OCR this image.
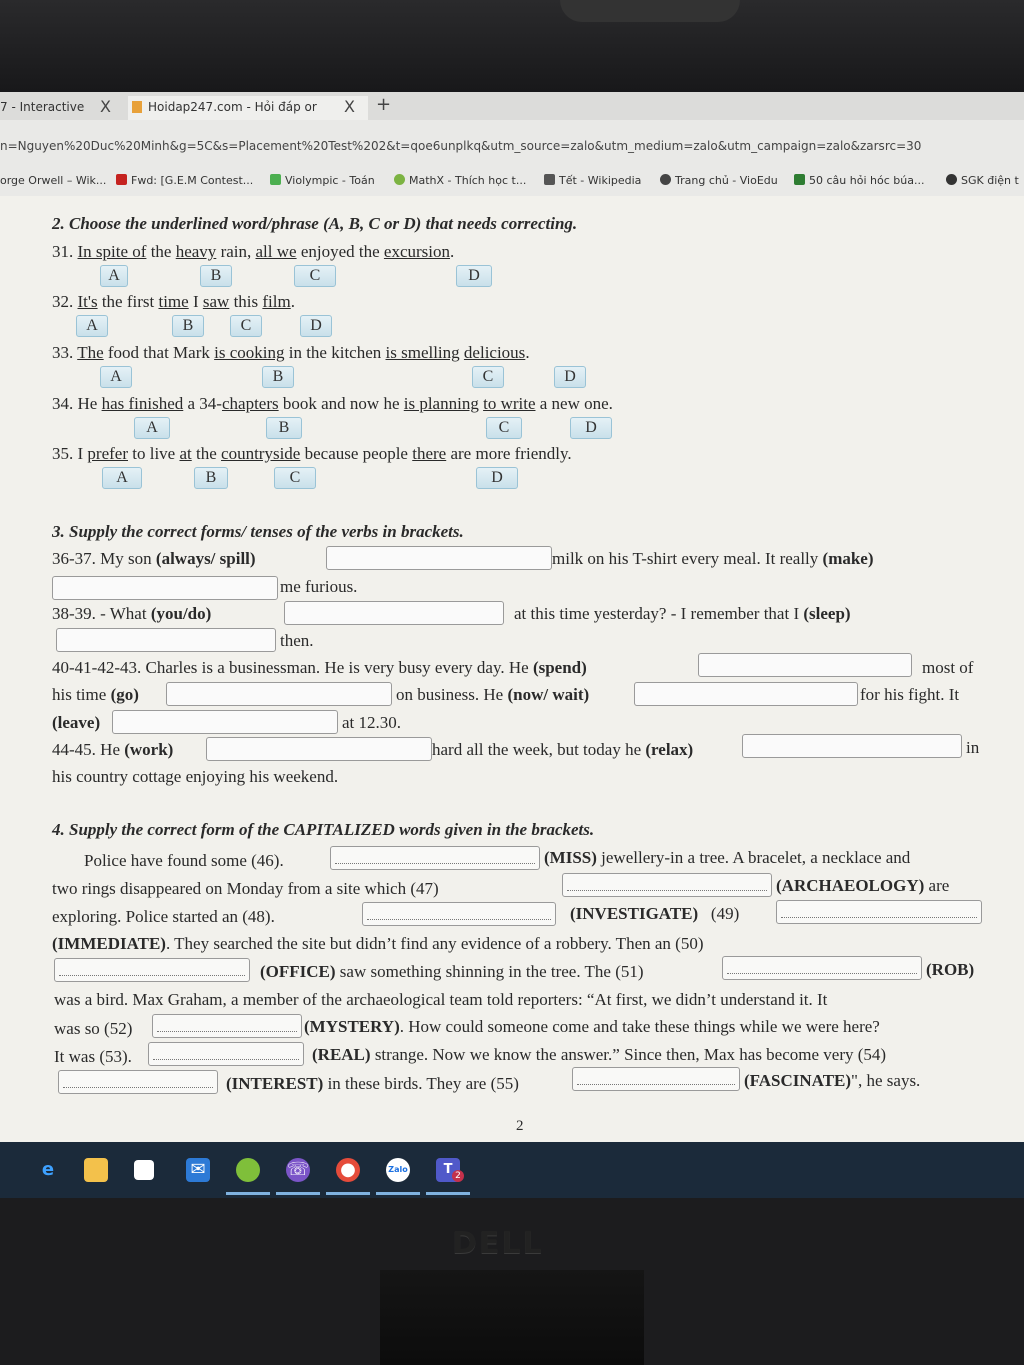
7 - Interactive X	Hoidap247.com - Hỏi đáp or X +
n=Nguyen%20Duc%20Minh&g=5C&s=Placement%20Test%202&t=qoe6unplkq&utm_source=zalo&utm_medium=zalo&utm_campaign=zalo&zarsrc=30
orge Orwell – Wik...	Fwd: [G.E.M Contest...	Violympic - Toán	MathX - Thích học t...	Tết - Wikipedia	Trang chủ - VioEdu	50 câu hỏi hóc búa...	SGK điện t
2. Choose the underlined word/phrase (A, B, C or D) that needs correcting.
31. In spite of the heavy rain, all we enjoyed the excursion.
A	B	C	D
32. It's the first time I saw this film.
A	B	C	D
33. The food that Mark is cooking in the kitchen is smelling delicious.
A	B	C	D
34. He has finished a 34-chapters book and now he is planning to write a new one.
A	B	C	D
35. I prefer to live at the countryside because people there are more friendly.
A	B	C	D
3. Supply the correct forms/ tenses of the verbs in brackets.
36-37. My son (always/ spill)	milk on his T-shirt every meal. It really (make)
me furious.
38-39. - What (you/do)	at this time yesterday? - I remember that I (sleep)
then.
40-41-42-43. Charles is a businessman. He is very busy every day. He (spend)	most of
his time (go)	on business. He (now/ wait)	for his fight. It
(leave)	at 12.30.
44-45. He (work)	hard all the week, but today he (relax)	in
his country cottage enjoying his weekend.
4. Supply the correct form of the CAPITALIZED words given in the brackets.
Police have found some (46).	(MISS) jewellery-in a tree. A bracelet, a necklace and
two rings disappeared on Monday from a site which (47)	(ARCHAEOLOGY) are
exploring. Police started an (48).	(INVESTIGATE) (49)
(IMMEDIATE). They searched the site but didn’t find any evidence of a robbery. Then an (50)
(OFFICE) saw something shinning in the tree. The (51)	(ROB)
was a bird. Max Graham, a member of the archaeological team told reporters: “At first, we didn’t understand it. It
was so (52)	(MYSTERY). How could someone come and take these things while we were here?
It was (53).	(REAL) strange. Now we know the answer.” Since then, Max has become very (54)
(INTEREST) in these birds. They are (55)	(FASCINATE)", he says.
2
e	✉	☏ ●	Zalo	T 2
DELL
